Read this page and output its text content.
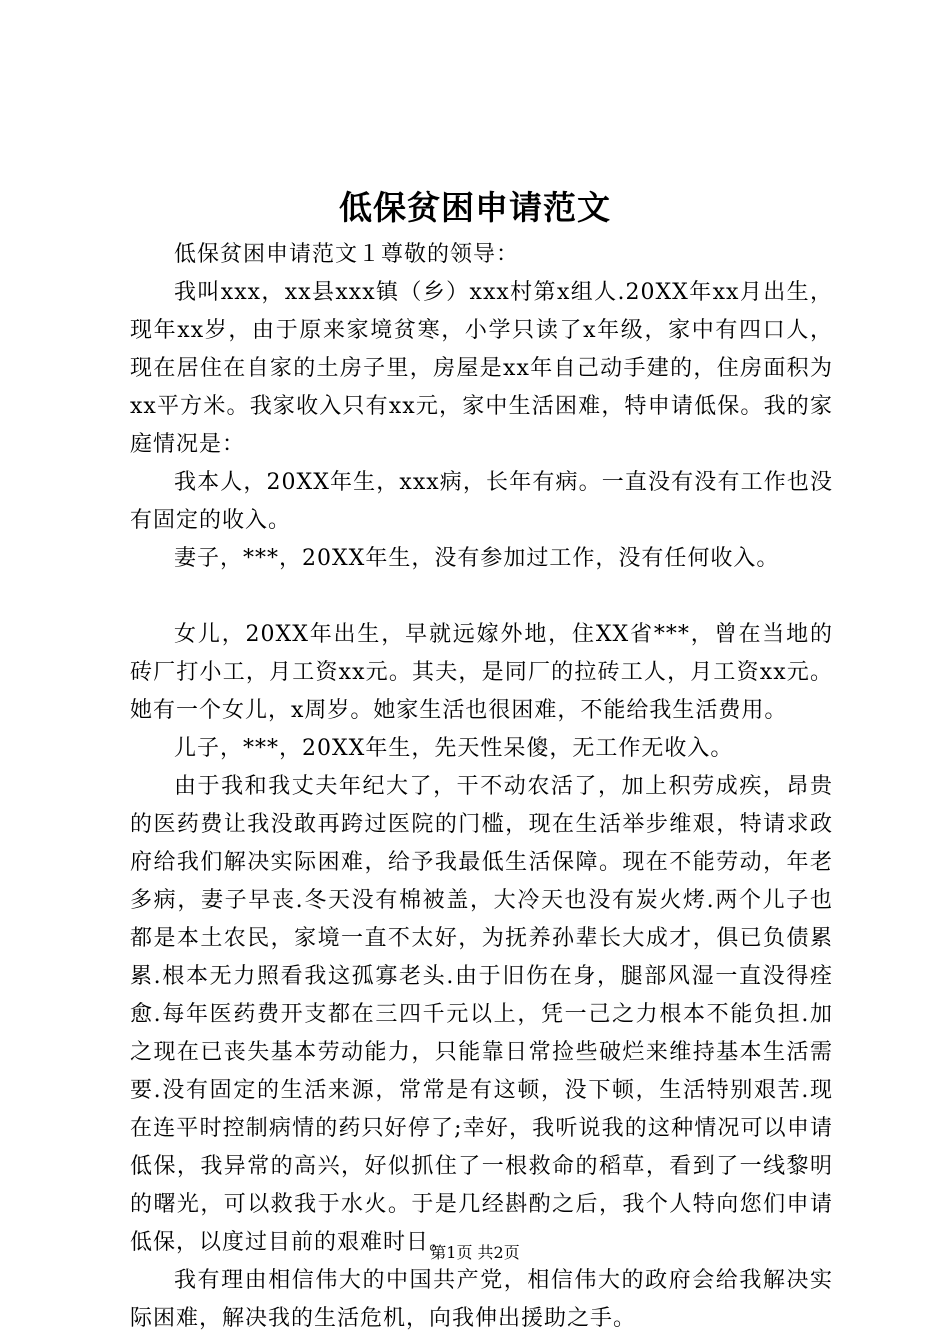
低保贫困申请范文

低保贫困申请范文１尊敬的领导：

我叫xxx，xx县xxx镇（乡）xxx村第x组人.20XX年xx月出生，现年xx岁，由于原来家境贫寒，小学只读了x年级，家中有四口人，现在居住在自家的土房子里，房屋是xx年自己动手建的，住房面积为xx平方米。我家收入只有xx元，家中生活困难，特申请低保。我的家庭情况是：

我本人，20XX年生，xxx病，长年有病。一直没有没有工作也没有固定的收入。

妻子，***，20XX年生，没有参加过工作，没有任何收入。

女儿，20XX年出生，早就远嫁外地，住XX省***，曾在当地的砖厂打小工，月工资xx元。其夫，是同厂的拉砖工人，月工资xx元。她有一个女儿，x周岁。她家生活也很困难，不能给我生活费用。

儿子，***，20XX年生，先天性呆傻，无工作无收入。

由于我和我丈夫年纪大了，干不动农活了，加上积劳成疾，昂贵的医药费让我没敢再跨过医院的门槛，现在生活举步维艰，特请求政府给我们解决实际困难，给予我最低生活保障。现在不能劳动，年老多病，妻子早丧.冬天没有棉被盖，大冷天也没有炭火烤.两个儿子也都是本土农民，家境一直不太好，为抚养孙辈长大成才，俱已负债累累.根本无力照看我这孤寡老头.由于旧伤在身，腿部风湿一直没得痊愈.每年医药费开支都在三四千元以上，凭一己之力根本不能负担.加之现在已丧失基本劳动能力，只能靠日常捡些破烂来维持基本生活需要.没有固定的生活来源，常常是有这顿，没下顿，生活特别艰苦.现在连平时控制病情的药只好停了;幸好，我听说我的这种情况可以申请低保，我异常的高兴，好似抓住了一根救命的稻草，看到了一线黎明的曙光，可以救我于水火。于是几经斟酌之后，我个人特向您们申请低保，以度过目前的艰难时日。

我有理由相信伟大的中国共产党，相信伟大的政府会给我解决实际困难，解决我的生活危机，向我伸出援助之手。

第1页 共2页
